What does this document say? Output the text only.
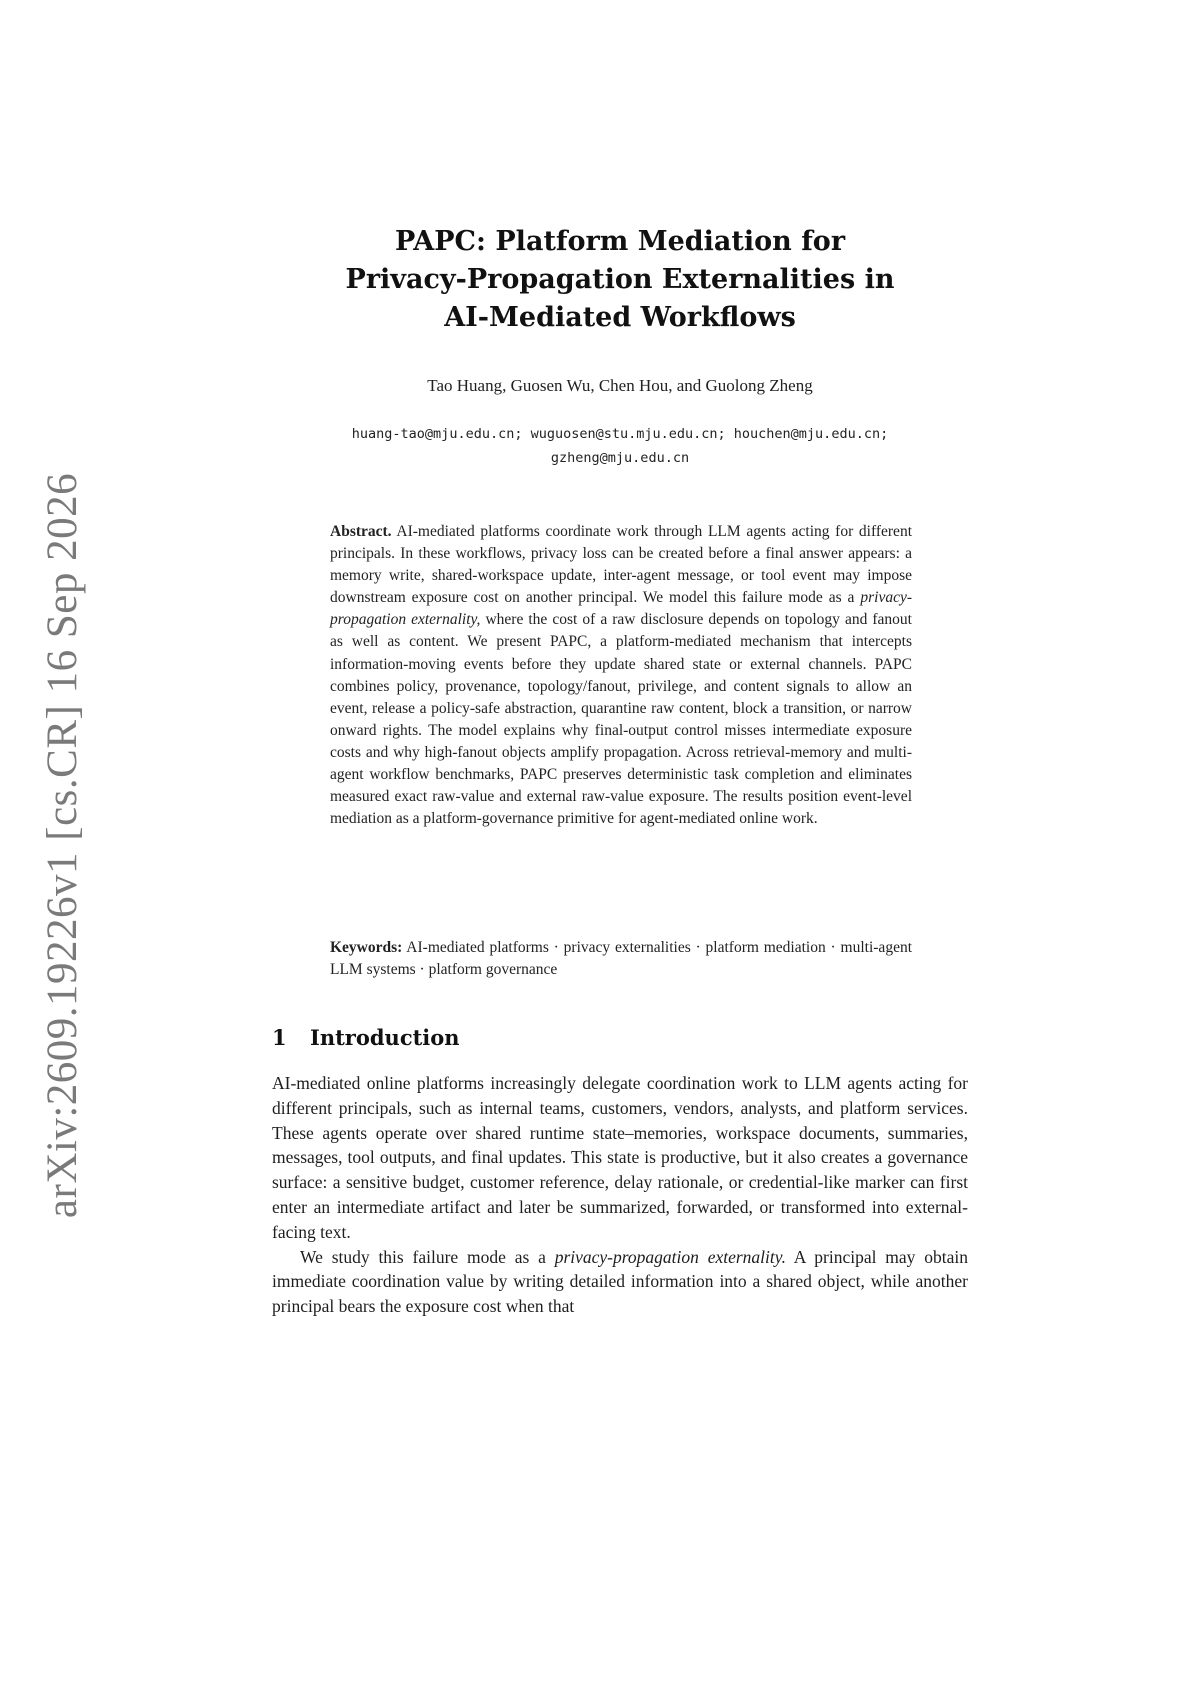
arXiv:2609.19226v1 [cs.CR] 16 Sep 2026
PAPC: Platform Mediation for
Privacy-Propagation Externalities in
AI-Mediated Workflows
Tao Huang, Guosen Wu, Chen Hou, and Guolong Zheng
huang-tao@mju.edu.cn; wuguosen@stu.mju.edu.cn; houchen@mju.edu.cn;
gzheng@mju.edu.cn
Abstract. AI-mediated platforms coordinate work through LLM agents acting for different principals. In these workflows, privacy loss can be created before a final answer appears: a memory write, shared-workspace update, inter-agent message, or tool event may impose downstream exposure cost on another principal. We model this failure mode as a privacy-propagation externality, where the cost of a raw disclosure depends on topology and fanout as well as content. We present PAPC, a platform-mediated mechanism that intercepts information-moving events before they update shared state or external channels. PAPC combines policy, provenance, topology/fanout, privilege, and content signals to allow an event, release a policy-safe abstraction, quarantine raw content, block a transition, or narrow onward rights. The model explains why final-output control misses intermediate exposure costs and why high-fanout objects amplify propagation. Across retrieval-memory and multi-agent workflow benchmarks, PAPC preserves deterministic task completion and eliminates measured exact raw-value and external raw-value exposure. The results position event-level mediation as a platform-governance primitive for agent-mediated online work.
Keywords: AI-mediated platforms · privacy externalities · platform mediation · multi-agent LLM systems · platform governance
1 Introduction

AI-mediated online platforms increasingly delegate coordination work to LLM agents acting for different principals, such as internal teams, customers, vendors, analysts, and platform services. These agents operate over shared runtime state–memories, workspace documents, summaries, messages, tool outputs, and final updates. This state is productive, but it also creates a governance surface: a sensitive budget, customer reference, delay rationale, or credential-like marker can first enter an intermediate artifact and later be summarized, forwarded, or transformed into external-facing text.

We study this failure mode as a privacy-propagation externality. A principal may obtain immediate coordination value by writing detailed information into a shared object, while another principal bears the exposure cost when that
